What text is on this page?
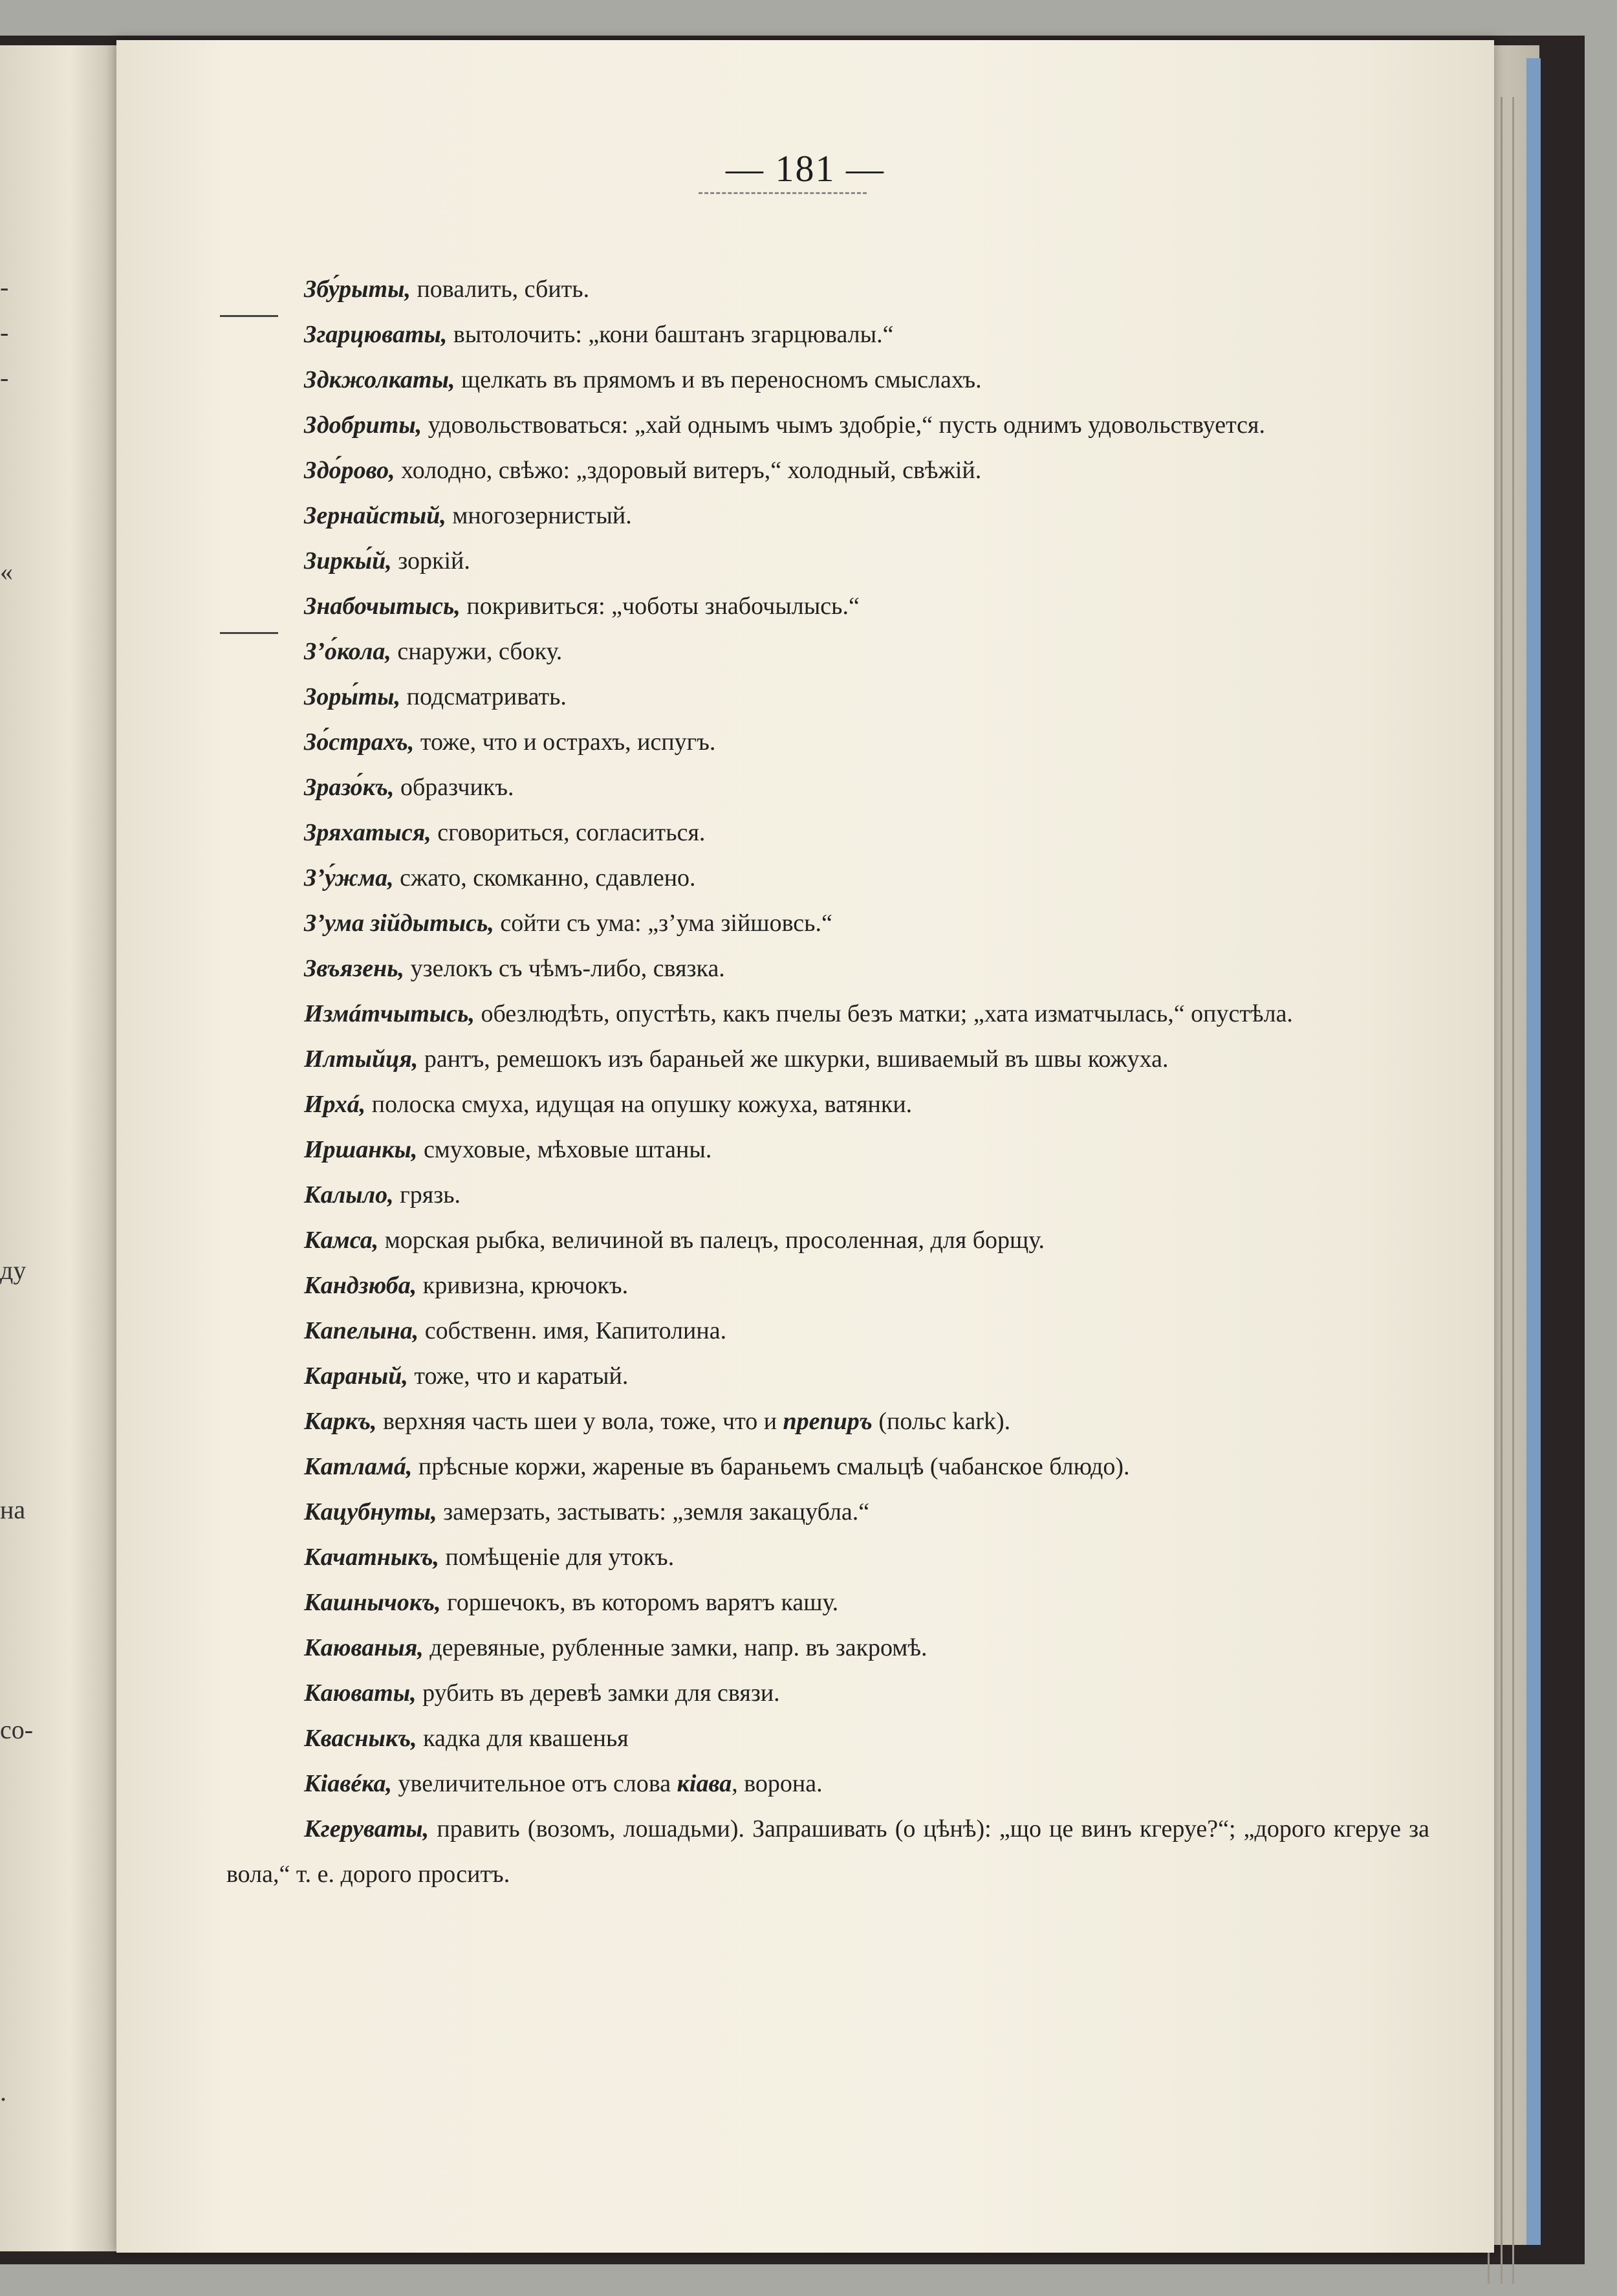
-
-
-
«
ду
на
со-
.
— 181 —

Збу́рыты, повалить, сбить.

Згарцюваты, вытолочить: „кони баштанъ згарцювалы.“

Здкжолкаты, щелкать въ прямомъ и въ переносномъ смыслахъ.

Здобриты, удовольствоваться: „хай однымъ чымъ здобріе,“ пусть однимъ удовольствуется.

Здо́рово, холодно, свѣжо: „здоровый витеръ,“ холодный, свѣжій.

Зернайстый, многозернистый.

Зиркы́й, зоркій.

Знабочытысь, покривиться: „чоботы знабочылысь.“

З’о́кола, снаружи, сбоку.

Зоры́ты, подсматривать.

Зо́страхъ, тоже, что и острахъ, испугъ.

Зразо́къ, образчикъ.

Зряхатыся, сговориться, согласиться.

З’у́жма, сжато, скомканно, сдавлено.

З’ума зійдытысь, сойти съ ума: „з’ума зійшовсь.“

Звъязень, узелокъ съ чѣмъ-либо, связка.

Измáтчытысь, обезлюдѣть, опустѣть, какъ пчелы безъ матки; „хата изматчылась,“ опустѣла.

Илтыйця, рантъ, ремешокъ изъ бараньей же шкурки, вшиваемый въ швы кожуха.

Ирхá, полоска смуха, идущая на опушку кожуха, ватянки.

Иршанкы, смуховые, мѣховые штаны.

Калыло, грязь.

Камса, морская рыбка, величиной въ палецъ, просоленная, для борщу.

Кандзюба, кривизна, крючокъ.

Капелына, собственн. имя, Капитолина.

Караный, тоже, что и каратый.

Каркъ, верхняя часть шеи у вола, тоже, что и препиръ (польс kark).

Катламá, прѣсные коржи, жареные въ бараньемъ смальцѣ (чабанское блюдо).

Кацубнуты, замерзать, застывать: „земля закацубла.“

Качатныкъ, помѣщеніе для утокъ.

Кашнычокъ, горшечокъ, въ которомъ варятъ кашу.

Каюваныя, деревяные, рубленные замки, напр. въ закромѣ.

Каюваты, рубить въ деревѣ замки для связи.

Квасныкъ, кадка для квашенья

Кіавéка, увеличительное отъ слова кіава, ворона.

Кгеруваты, править (возомъ, лошадьми). Запрашивать (о цѣнѣ): „що це винъ кгеруе?“; „дорого кгеруе за вола,“ т. е. дорого проситъ.
